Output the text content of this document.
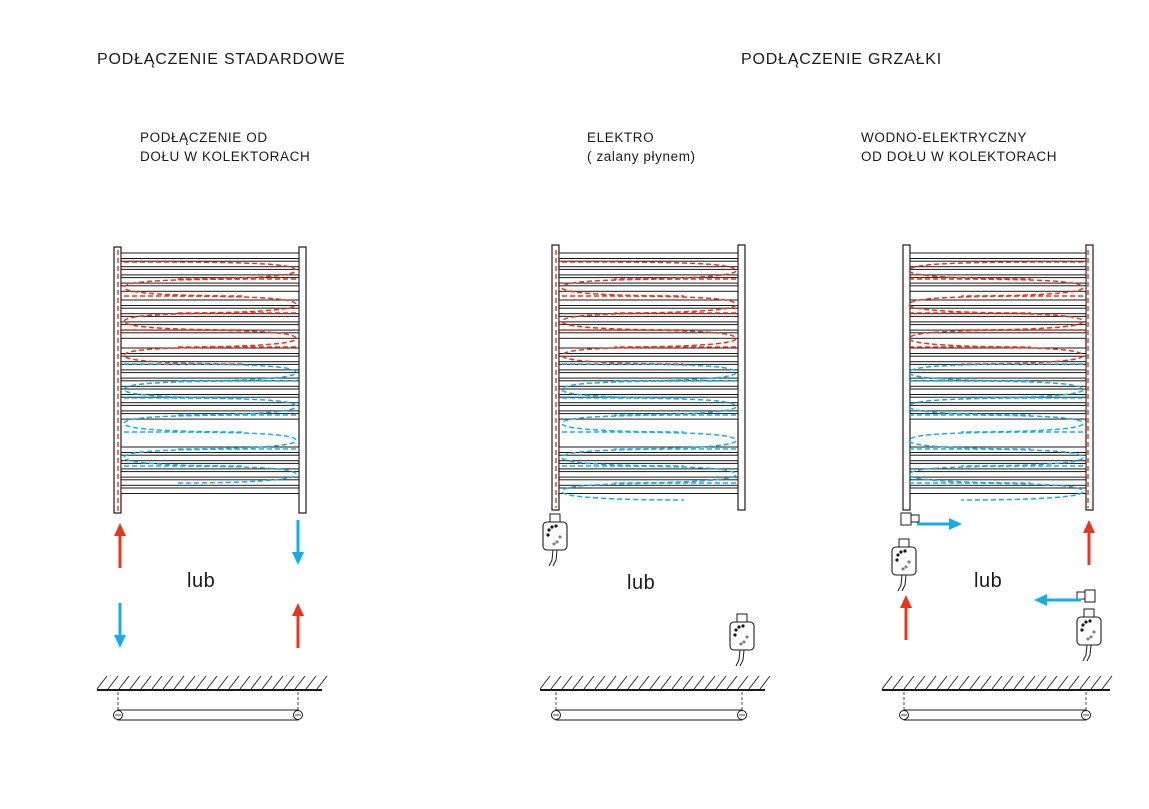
PODŁĄCZENIE STADARDOWE	PODŁĄCZENIE GRZAŁKI
PODŁĄCZENIE OD
DOŁU W KOLEKTORACH
ELEKTRO
( zalany płynem)
WODNO-ELEKTRYCZNY
OD DOŁU W KOLEKTORACH
lub	lub	lub
